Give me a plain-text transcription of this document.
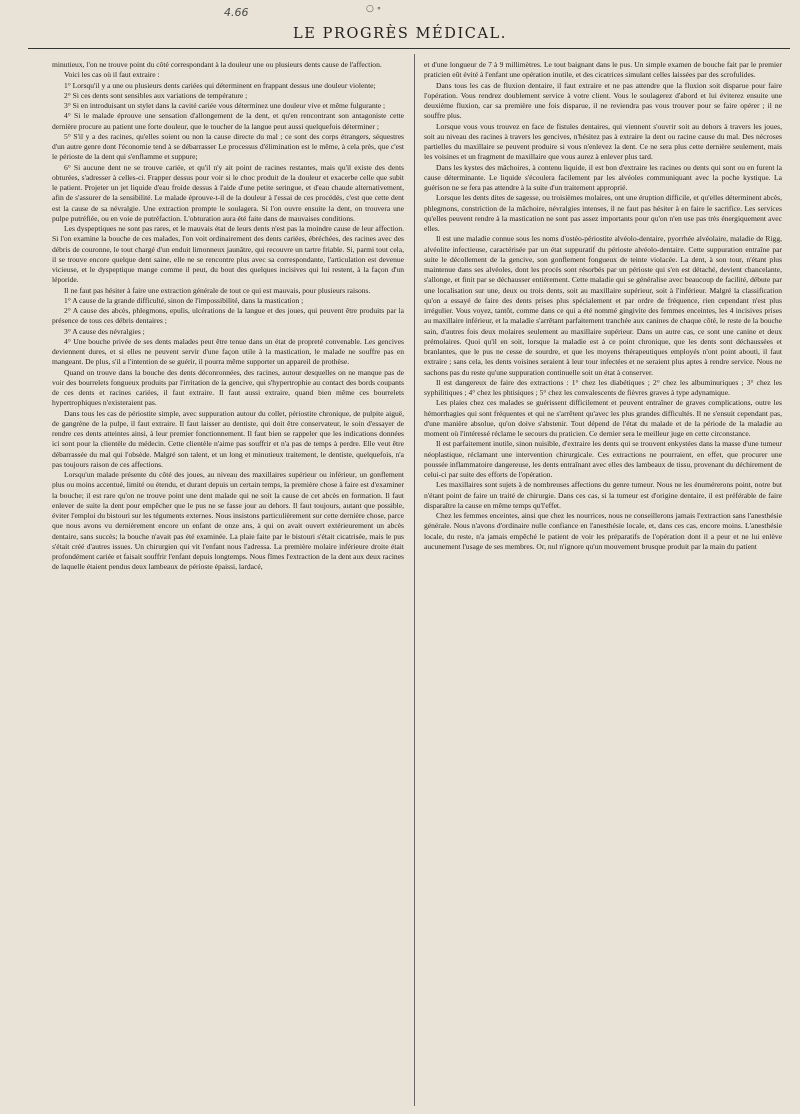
4.66	○ ∘
LE PROGRÈS MÉDICAL.

minutieux, l'on ne trouve point du côté correspondant à la douleur une ou plusieurs dents cause de l'affection.

Voici les cas où il faut extraire :

1° Lorsqu'il y a une ou plusieurs dents cariées qui déterminent en frappant dessus une douleur violente;

2° Si ces dents sont sensibles aux variations de température ;

3° Si en introduisant un stylet dans la cavité cariée vous déterminez une douleur vive et même fulgurante ;

4° Si le malade éprouve une sensation d'allongement de la dent, et qu'en rencontrant son antagoniste cette dernière procure au patient une forte douleur, que le toucher de la langue peut aussi quelquefois déterminer ;

5° S'il y a des racines, qu'elles soient ou non la cause directe du mal ; ce sont des corps étrangers, séquestres d'un autre genre dont l'économie tend à se débarrasser Le processus d'élimination est le même, à cela près, que c'est le périoste de la dent qui s'enflamme et suppure;

6° Si aucune dent ne se trouve cariée, et qu'il n'y ait point de racines restantes, mais qu'il existe des dents obturées, s'adresser à celles-ci. Frapper dessus pour voir si le choc produit de la douleur et exacerbe celle que subit le patient. Projeter un jet liquide d'eau froide dessus à l'aide d'une petite seringue, et d'eau chaude alternativement, afin de s'assurer de la sensibilité. Le malade éprouve-t-il de la douleur à l'essai de ces procédés, c'est que cette dent est la cause de sa névralgie. Une extraction prompte le soulagera. Si l'on ouvre ensuite la dent, on trouvera une pulpe putréfiée, ou en voie de putréfaction. L'obturation aura été faite dans de mauvaises conditions.

Les dyspeptiques ne sont pas rares, et le mauvais état de leurs dents n'est pas la moindre cause de leur affection. Si l'on examine la bouche de ces malades, l'on voit ordinairement des dents cariées, ébréchées, des racines avec des débris de couronne, le tout chargé d'un enduit limonneux jaunâtre, qui recouvre un tartre friable. Si, parmi tout cela, il se trouve encore quelque dent saine, elle ne se rencontre plus avec sa correspondante, l'articulation est devenue vicieuse, et le dyspeptique mange comme il peut, du bout des quelques incisives qui lui restent, à la façon d'un léporide.

Il ne faut pas hésiter à faire une extraction générale de tout ce qui est mauvais, pour plusieurs raisons.

1° A cause de la grande difficulté, sinon de l'impossibilité, dans la mastication ;

2° A cause des abcès, phlegmons, epulis, ulcérations de la langue et des joues, qui peuvent être produits par la présence de tous ces débris dentaires ;

3° A cause des névralgies ;

4° Une bouche privée de ses dents malades peut être tenue dans un état de propreté convenable. Les gencives deviennent dures, et si elles ne peuvent servir d'une façon utile à la mastication, le malade ne souffre pas en mangeant. De plus, s'il a l'intention de se guérir, il pourra même supporter un appareil de prothèse.

Quand on trouve dans la bouche des dents déconronnées, des racines, autour desquelles on ne manque pas de voir des bourrelets fongueux produits par l'irritation de la gencive, qui s'hypertrophie au contact des bords coupants de ces dents et racines cariées, il faut extraire. Il faut aussi extraire, quand bien même ces bourrelets hypertrophiques n'existeraient pas.

Dans tous les cas de périostite simple, avec suppuration autour du collet, périostite chronique, de pulpite aiguë, de gangrène de la pulpe, il faut extraire. Il faut laisser au dentiste, qui doit être conservateur, le soin d'essayer de rendre ces dents atteintes ainsi, à leur premier fonctionnement. Il faut bien se rappeler que les indications données ici sont pour la clientèle du médecin. Cette clientèle n'aime pas souffrir et n'a pas de temps à perdre. Elle veut être débarrassée du mal qui l'obsède. Malgré son talent, et un long et minutieux traitement, le dentiste, quelquefois, n'a pas toujours raison de ces affections.

Lorsqu'un malade présente du côté des joues, au niveau des maxillaires supérieur ou inférieur, un gonflement plus ou moins accentué, limité ou étendu, et durant depuis un certain temps, la première chose à faire est d'examiner la bouche; il est rare qu'on ne trouve point une dent malade qui ne soit la cause de cet abcès en formation. Il faut enlever de suite la dent pour empêcher que le pus ne se fasse jour au dehors. Il faut toujours, autant que possible, éviter l'emploi du bistouri sur les téguments externes. Nous insistons particulièrement sur cette dernière chose, parce que nous avons vu dernièrement encore un enfant de onze ans, à qui on avait ouvert extérieurement un abcès dentaire, sans succès; la bouche n'avait pas été examinée. La plaie faite par le bistouri s'était cicatrisée, mais le pus s'était créé d'autres issues. Un chirurgien qui vit l'enfant nous l'adressa. La première molaire inférieure droite était profondément cariée et faisait souffrir l'enfant depuis longtemps. Nous fîmes l'extraction de la dent aux deux racines de laquelle étaient pendus deux lambeaux de périoste épaissi, lardacé,

et d'une longueur de 7 à 9 millimètres. Le tout baignant dans le pus. Un simple examen de bouche fait par le premier praticien eût évité à l'enfant une opération inutile, et des cicatrices simulant celles laissées par des scrofulides.

Dans tous les cas de fluxion dentaire, il faut extraire et ne pas attendre que la fluxion soit disparue pour faire l'opération. Vous rendrez doublement service à votre client. Vous le soulagerez d'abord et lui éviterez ensuite une deuxième fluxion, car sa première une fois disparue, il ne reviendra pas vous trouver pour se faire opérer ; il ne souffre plus.

Lorsque vous vous trouvez en face de fistules dentaires, qui viennent s'ouvrir soit au dehors à travers les joues, soit au niveau des racines à travers les gencives, n'hésitez pas à extraire la dent ou racine cause du mal. Des nécroses partielles du maxillaire se peuvent produire si vous n'enlevez la dent. Ce ne sera plus cette dernière seulement, mais les voisines et un fragment de maxillaire que vous aurez à enlever plus tard.

Dans les kystes des mâchoires, à contenu liquide, il est bon d'extraire les racines ou dents qui sont ou en furent la cause déterminante. Le liquide s'écoulera facilement par les alvéoles communiquant avec la poche kystique. La guérison ne se fera pas attendre à la suite d'un traitement approprié.

Lorsque les dents dites de sagesse, ou troisièmes molaires, ont une éruption difficile, et qu'elles déterminent abcès, phlegmons, constriction de la mâchoire, névralgies intenses, il ne faut pas hésiter à en faire le sacrifice. Les services qu'elles peuvent rendre à la mastication ne sont pas assez importants pour qu'on n'en use pas très énergiquement avec elles.

Il est une maladie connue sous les noms d'ostéo-périostite alvéolo-dentaire, pyorrhée alvéolaire, maladie de Rigg, alvéolite infectieuse, caractérisée par un état suppuratif du périoste alvéolo-dentaire. Cette suppuration entraîne par suite le décollement de la gencive, son gonflement fongueux de teinte violacée. La dent, à son tour, n'étant plus maintenue dans ses alvéoles, dont les procès sont résorbés par un périoste qui s'en est détaché, devient chancelante, s'allonge, et finit par se déchausser entièrement. Cette maladie qui se généralise avec beaucoup de facilité, débute par une localisation sur une, deux ou trois dents, soit au maxillaire supérieur, soit à l'inférieur. Malgré la classification qu'on a essayé de faire des dents prises plus spécialement et par ordre de fréquence, rien cependant n'est plus irrégulier. Vous voyez, tantôt, comme dans ce qui a été nommé gingivite des femmes enceintes, les 4 incisives prises au maxillaire inférieur, et la maladie s'arrêtant parfaitement tranchée aux canines de chaque côté, le reste de la bouche sain, d'autres fois deux molaires seulement au maxillaire supérieur. Dans un autre cas, ce sont une canine et deux prémolaires. Quoi qu'il en soit, lorsque la maladie est à ce point chronique, que les dents sont déchaussées et branlantes, que le pus ne cesse de sourdre, et que les moyens thérapeutiques employés n'ont point abouti, il faut extraire ; sans cela, les dents voisines seraient à leur tour infectées et ne seraient plus aptes à rendre service. Nous ne sachons pas du reste qu'une suppuration continuelle soit un état à conserver.

Il est dangereux de faire des extractions : 1° chez les diabétiques ; 2° chez les albuminuriques ; 3° chez les syphilitiques ; 4° chez les phtisiques ; 5° chez les convalescents de fièvres graves à type adynamique.

Les plaies chez ces malades se guérissent difficilement et peuvent entraîner de graves complications, outre les hémorrhagies qui sont fréquentes et qui ne s'arrêtent qu'avec les plus grandes difficultés. Il ne s'ensuit cependant pas, d'une manière absolue, qu'on doive s'abstenir. Tout dépend de l'état du malade et de la période de la maladie au moment où l'intéressé réclame le secours du praticien. Ce dernier sera le meilleur juge en cette circonstance.

Il est parfaitement inutile, sinon nuisible, d'extraire les dents qui se trouvent enkystées dans la masse d'une tumeur néoplastique, réclamant une intervention chirurgicale. Ces extractions ne pourraient, en effet, que procurer une poussée inflammatoire dangereuse, les dents entraînant avec elles des lambeaux de tissu, provenant du déchirement de celui-ci par suite des efforts de l'opération.

Les maxillaires sont sujets à de nombreuses affections du genre tumeur. Nous ne les énumérerons point, notre but n'étant point de faire un traité de chirurgie. Dans ces cas, si la tumeur est d'origine dentaire, il est préférable de faire disparaître la cause en même temps qu'l'effet.

Chez les femmes enceintes, ainsi que chez les nourrices, nous ne conseillerons jamais l'extraction sans l'anesthésie générale. Nous n'avons d'ordinaire nulle confiance en l'anesthésie locale, et, dans ces cas, encore moins. L'anesthésie locale, du reste, n'a jamais empêché le patient de voir les préparatifs de l'opération dont il a peur et ne lui enlève aucunement l'usage de ses membres. Or, nul n'ignore qu'un mouvement brusque produit par la main du patient
